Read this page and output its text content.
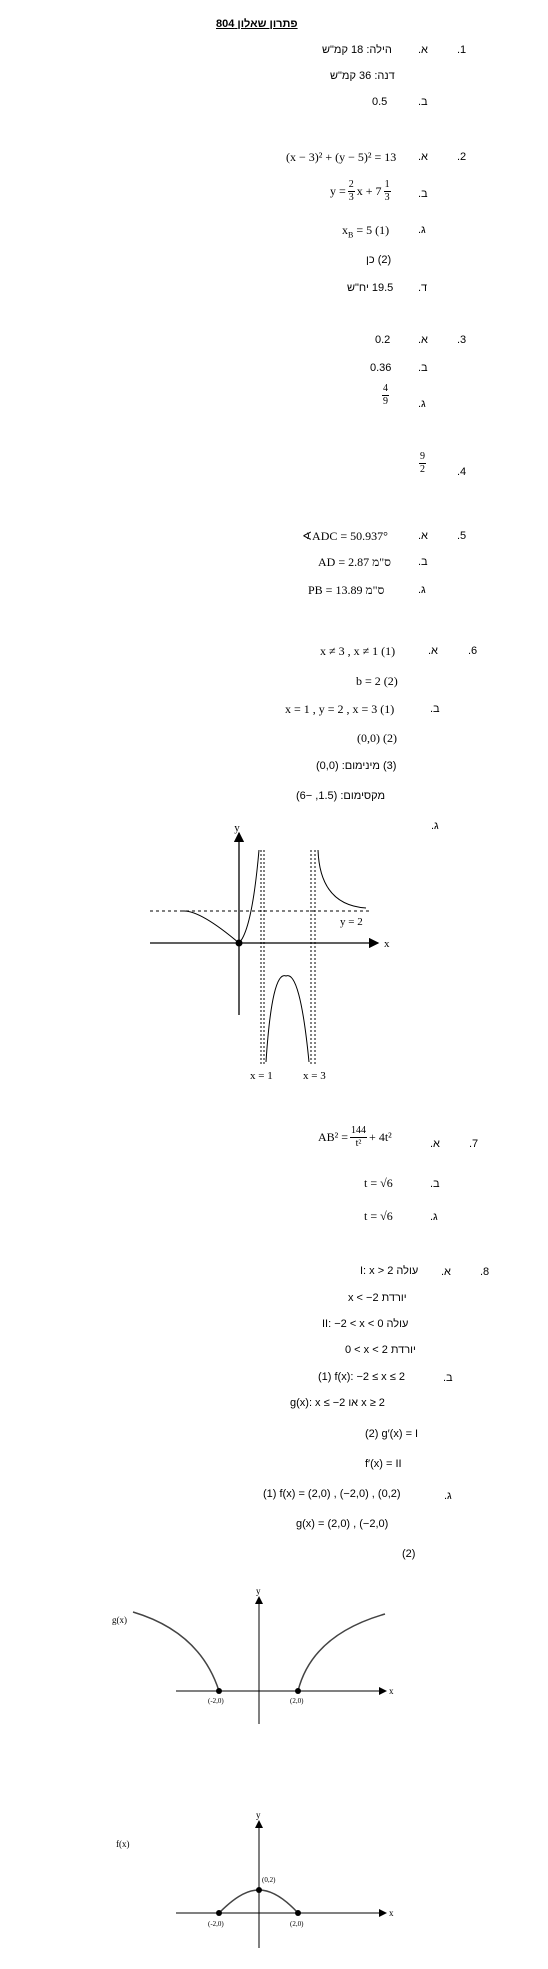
פתרון שאלון 804
.1
א.
הילה: 18 קמ"ש
דנה: 36 קמ"ש
ב.
0.5
.2
א.
(x − 3)² + (y − 5)² = 13
ב.
$y = \frac{2}{3}$ $x + 7 \frac{1}{3}$
ג.
$x_B = 5$ (1)
(2) כן
ד.
19.5 יח"ש
.3
א.
0.2
ב.
0.36
ג.
$\frac{4}{9}$
.4
$\frac{9}{2}$
.5
א.
∢ADC = 50.937°
ב.
AD = ס"מ 2.87
ג.
PB = ס"מ 13.89
.6
א.
x ≠ 3 , x ≠ 1 (1)
b = 2 (2)
ב.
x = 1 , y = 2 , x = 3 (1)
(0,0) (2)
(3) מינימום: (0,0)
מקסימום: (1.5, −6)
ג.
y
x
y = 2
x = 1	x = 3
.7
א.
$AB^2 = \frac{144}{\text{t²}} + 4t^2$
ב.
t = √6
ג.
t = √6
.8
א.
I: x > 2 עולה
x < −2 יורדת
II: −2 < x < 0 עולה
0 < x < 2 יורדת
ב.
(1) f(x): −2 ≤ x ≤ 2
g(x): x ≤ −2 או x ≥ 2
(2) g′(x) = I
f′(x) = II
ג.
(1) f(x) = (2,0) , (−2,0) , (0,2)
g(x) = (2,0) , (−2,0)
(2)
g(x)
y
x
(-2,0)	(2,0)
f(x)
y
x
(-2,0)	(2,0)
(0,2)
